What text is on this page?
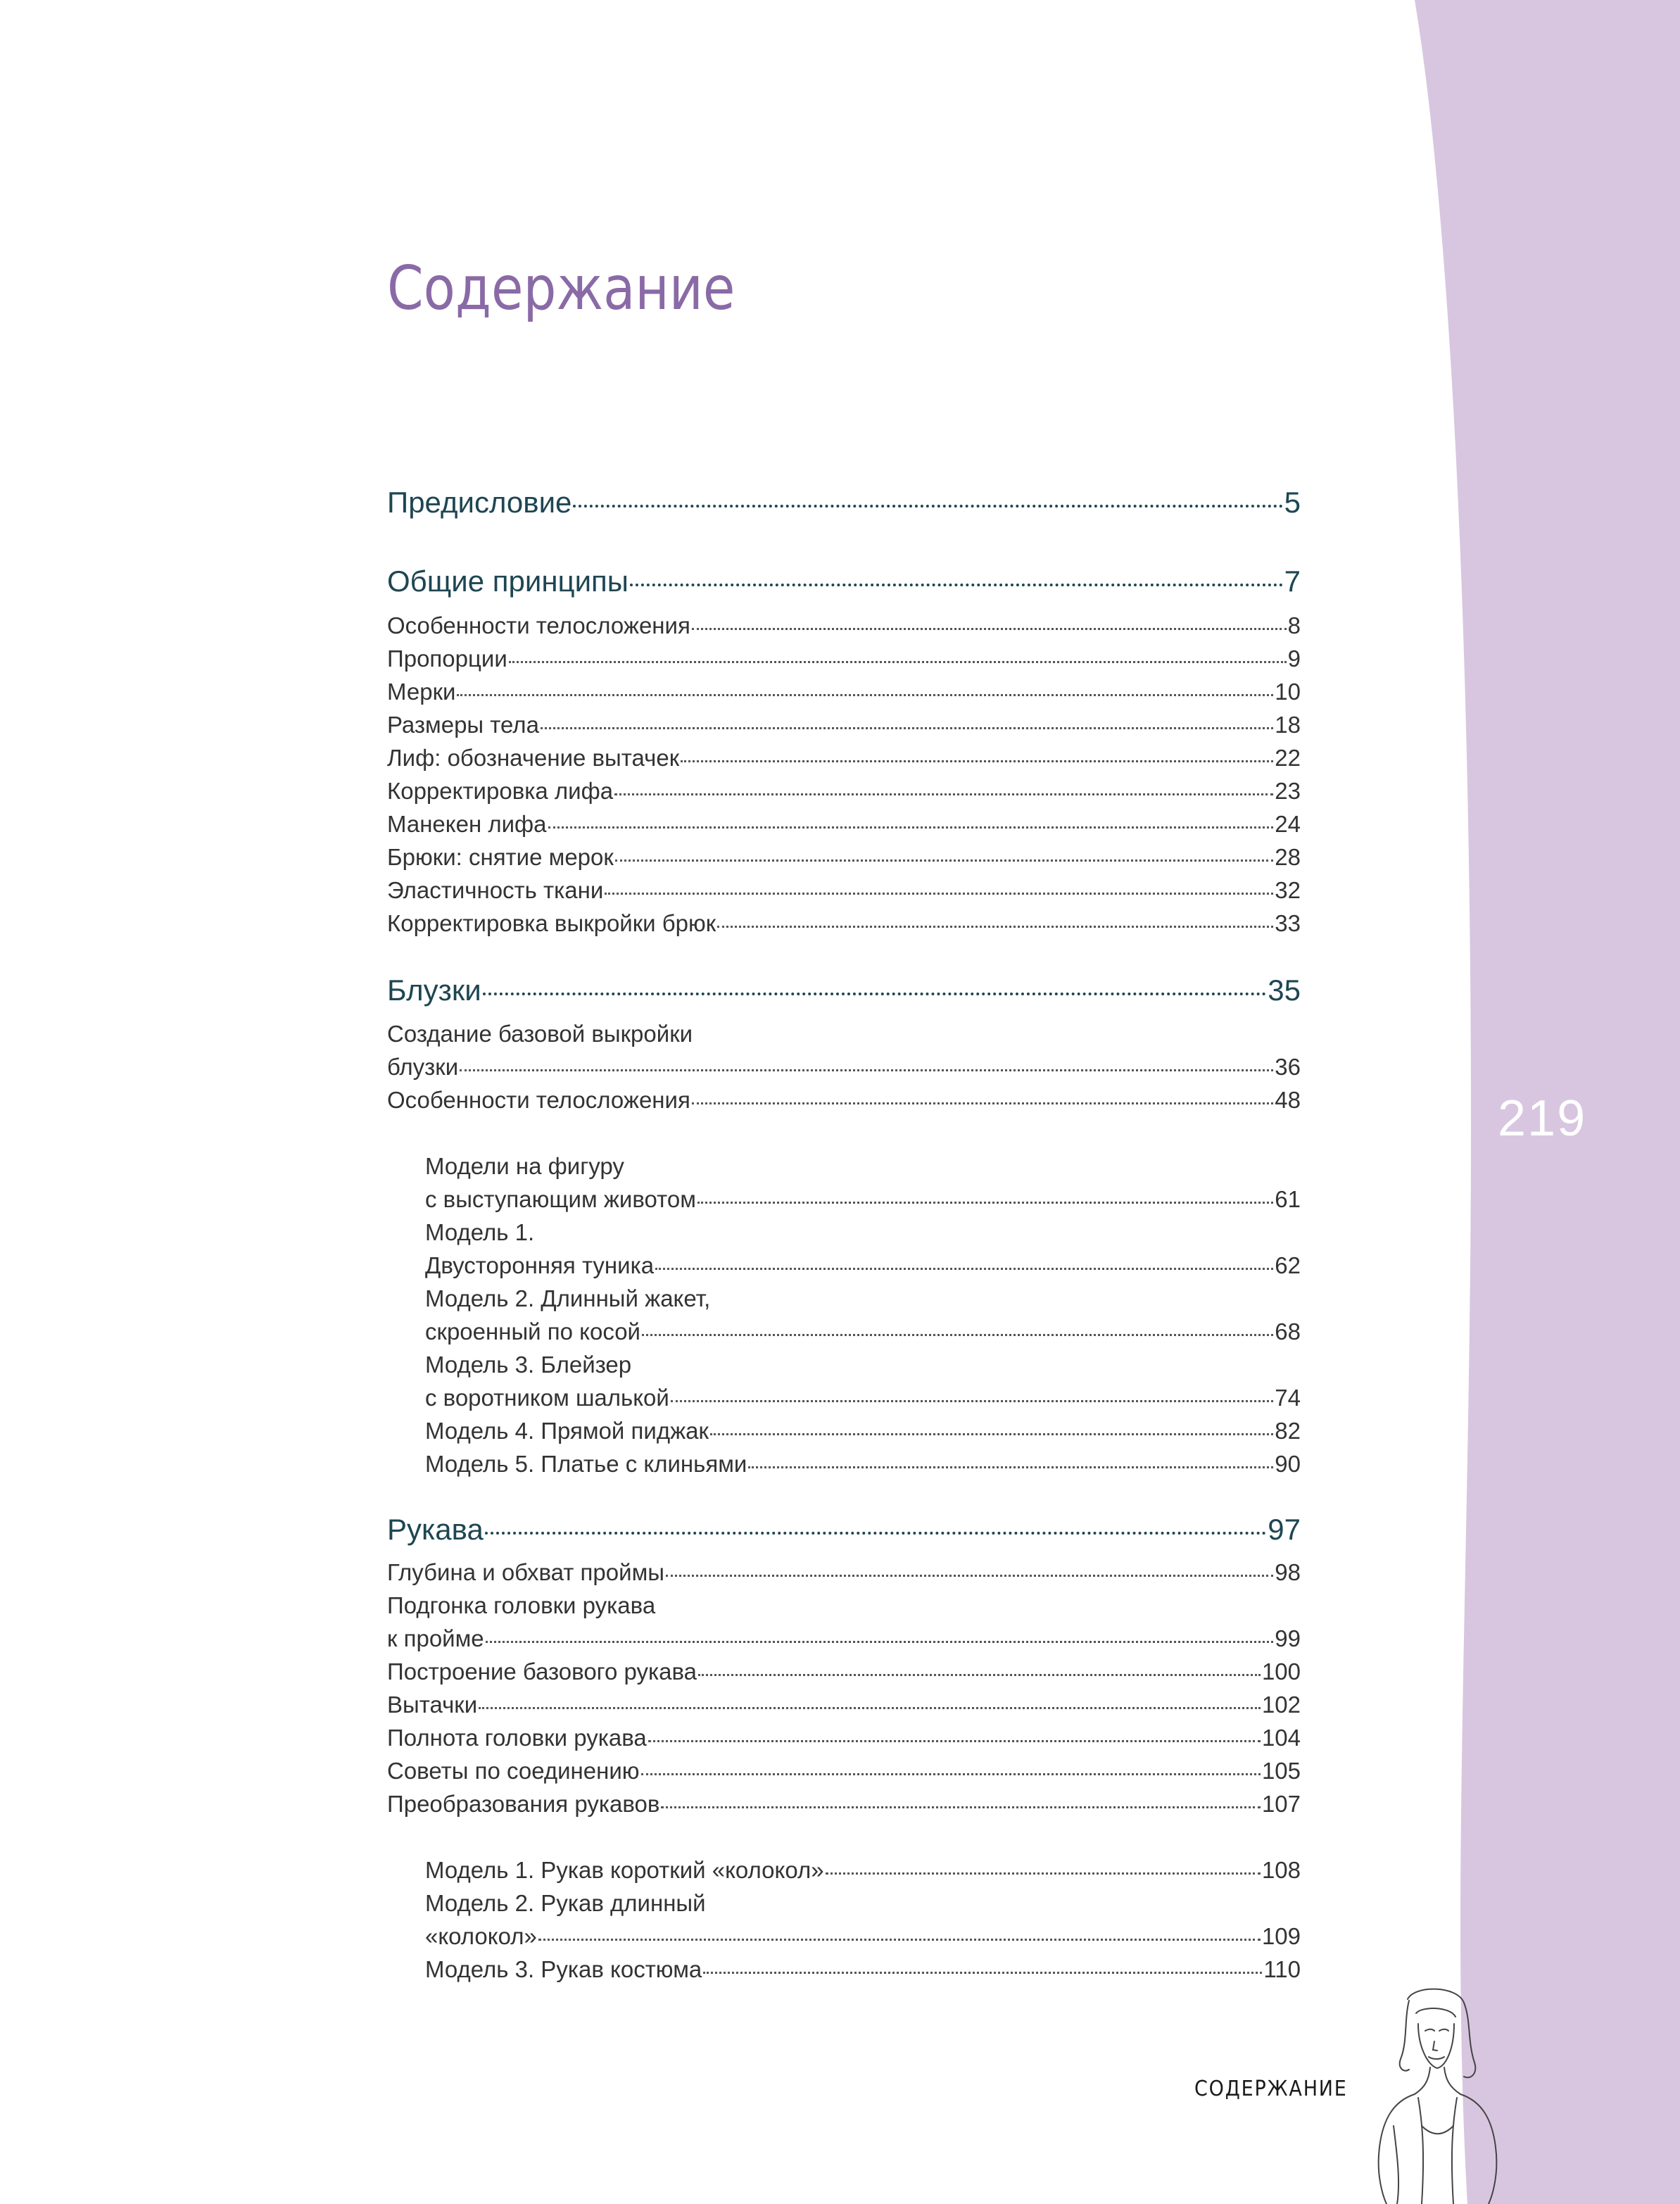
Содержание
219
Предисловие	5
Общие принципы	7
Особенности телосложения	8
Пропорции	9
Мерки	10
Размеры тела	18
Лиф: обозначение вытачек	22
Корректировка лифа	23
Манекен лифа	24
Брюки: снятие мерок	28
Эластичность ткани	32
Корректировка выкройки брюк	33
Блузки	35
Создание базовой выкройки
блузки	36
Особенности телосложения	48
Модели на фигуру
с выступающим животом	61
Модель 1.
Двусторонняя туника	62
Модель 2. Длинный жакет,
скроенный по косой	68
Модель 3. Блейзер
с воротником шалькой	74
Модель 4. Прямой пиджак	82
Модель 5. Платье с клиньями	90
Рукава	97
Глубина и обхват проймы	98
Подгонка головки рукава
к пройме	99
Построение базового рукава	100
Вытачки	102
Полнота головки рукава	104
Советы по соединению	105
Преобразования рукавов	107
Модель 1. Рукав короткий «колокол»	108
Модель 2. Рукав длинный
«колокол»	109
Модель 3. Рукав костюма	110
СОДЕРЖАНИЕ
